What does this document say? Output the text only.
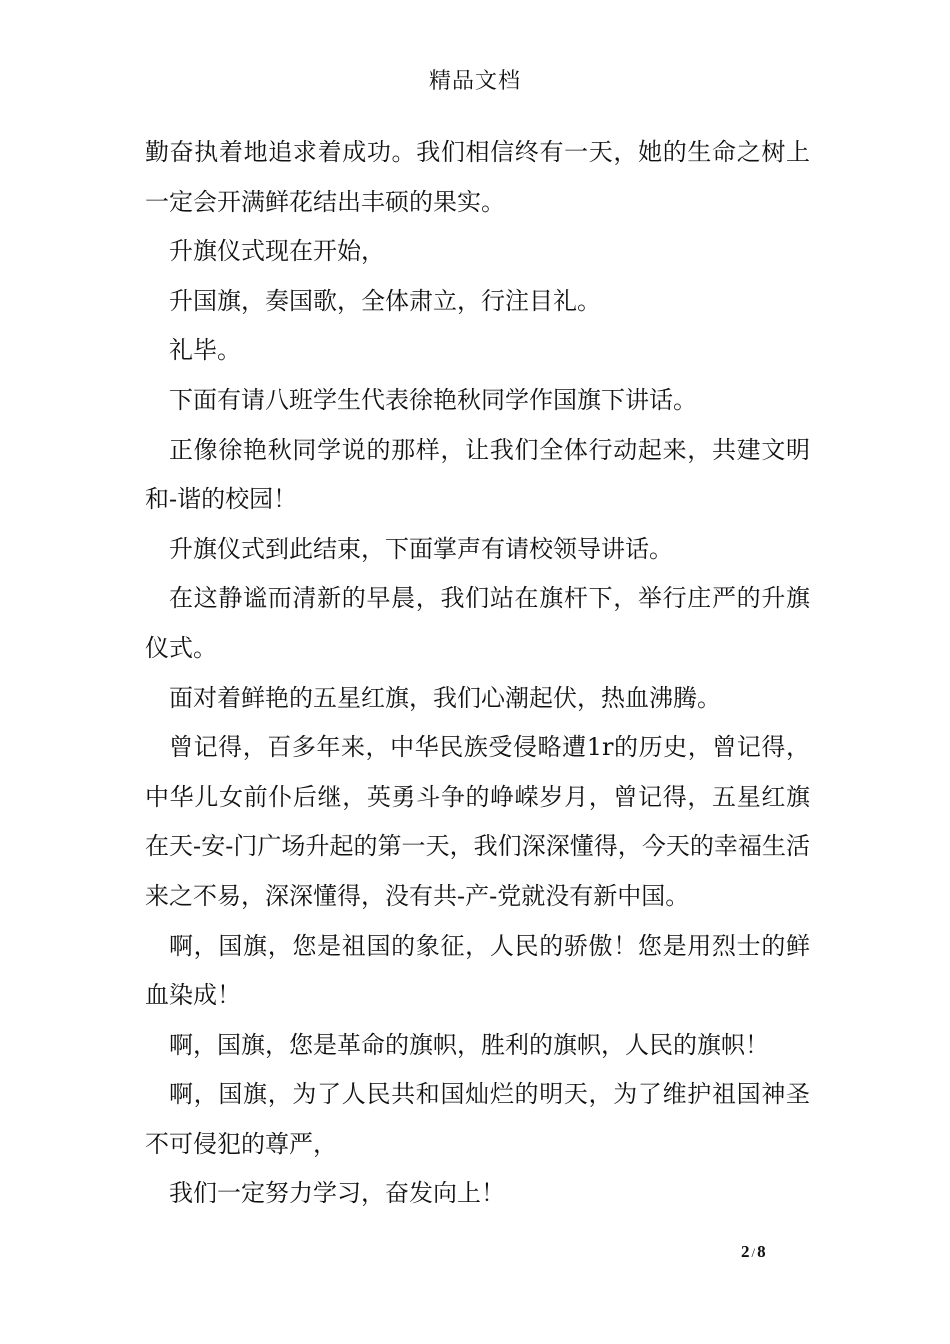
精品文档

勤奋执着地追求着成功。我们相信终有一天，她的生命之树上一定会开满鲜花结出丰硕的果实。

升旗仪式现在开始，

升国旗，奏国歌，全体肃立，行注目礼。

礼毕。

下面有请八班学生代表徐艳秋同学作国旗下讲话。

正像徐艳秋同学说的那样，让我们全体行动起来，共建文明和-谐的校园！

升旗仪式到此结束，下面掌声有请校领导讲话。

在这静谧而清新的早晨，我们站在旗杆下，举行庄严的升旗仪式。

面对着鲜艳的五星红旗，我们心潮起伏，热血沸腾。

曾记得，百多年来，中华民族受侵略遭1r的历史，曾记得，中华儿女前仆后继，英勇斗争的峥嵘岁月，曾记得，五星红旗在天-安-门广场升起的第一天，我们深深懂得，今天的幸福生活来之不易，深深懂得，没有共-产-党就没有新中国。

啊，国旗，您是祖国的象征，人民的骄傲！您是用烈士的鲜血染成！

啊，国旗，您是革命的旗帜，胜利的旗帜，人民的旗帜！

啊，国旗，为了人民共和国灿烂的明天，为了维护祖国神圣不可侵犯的尊严，

我们一定努力学习，奋发向上！

2 / 8
